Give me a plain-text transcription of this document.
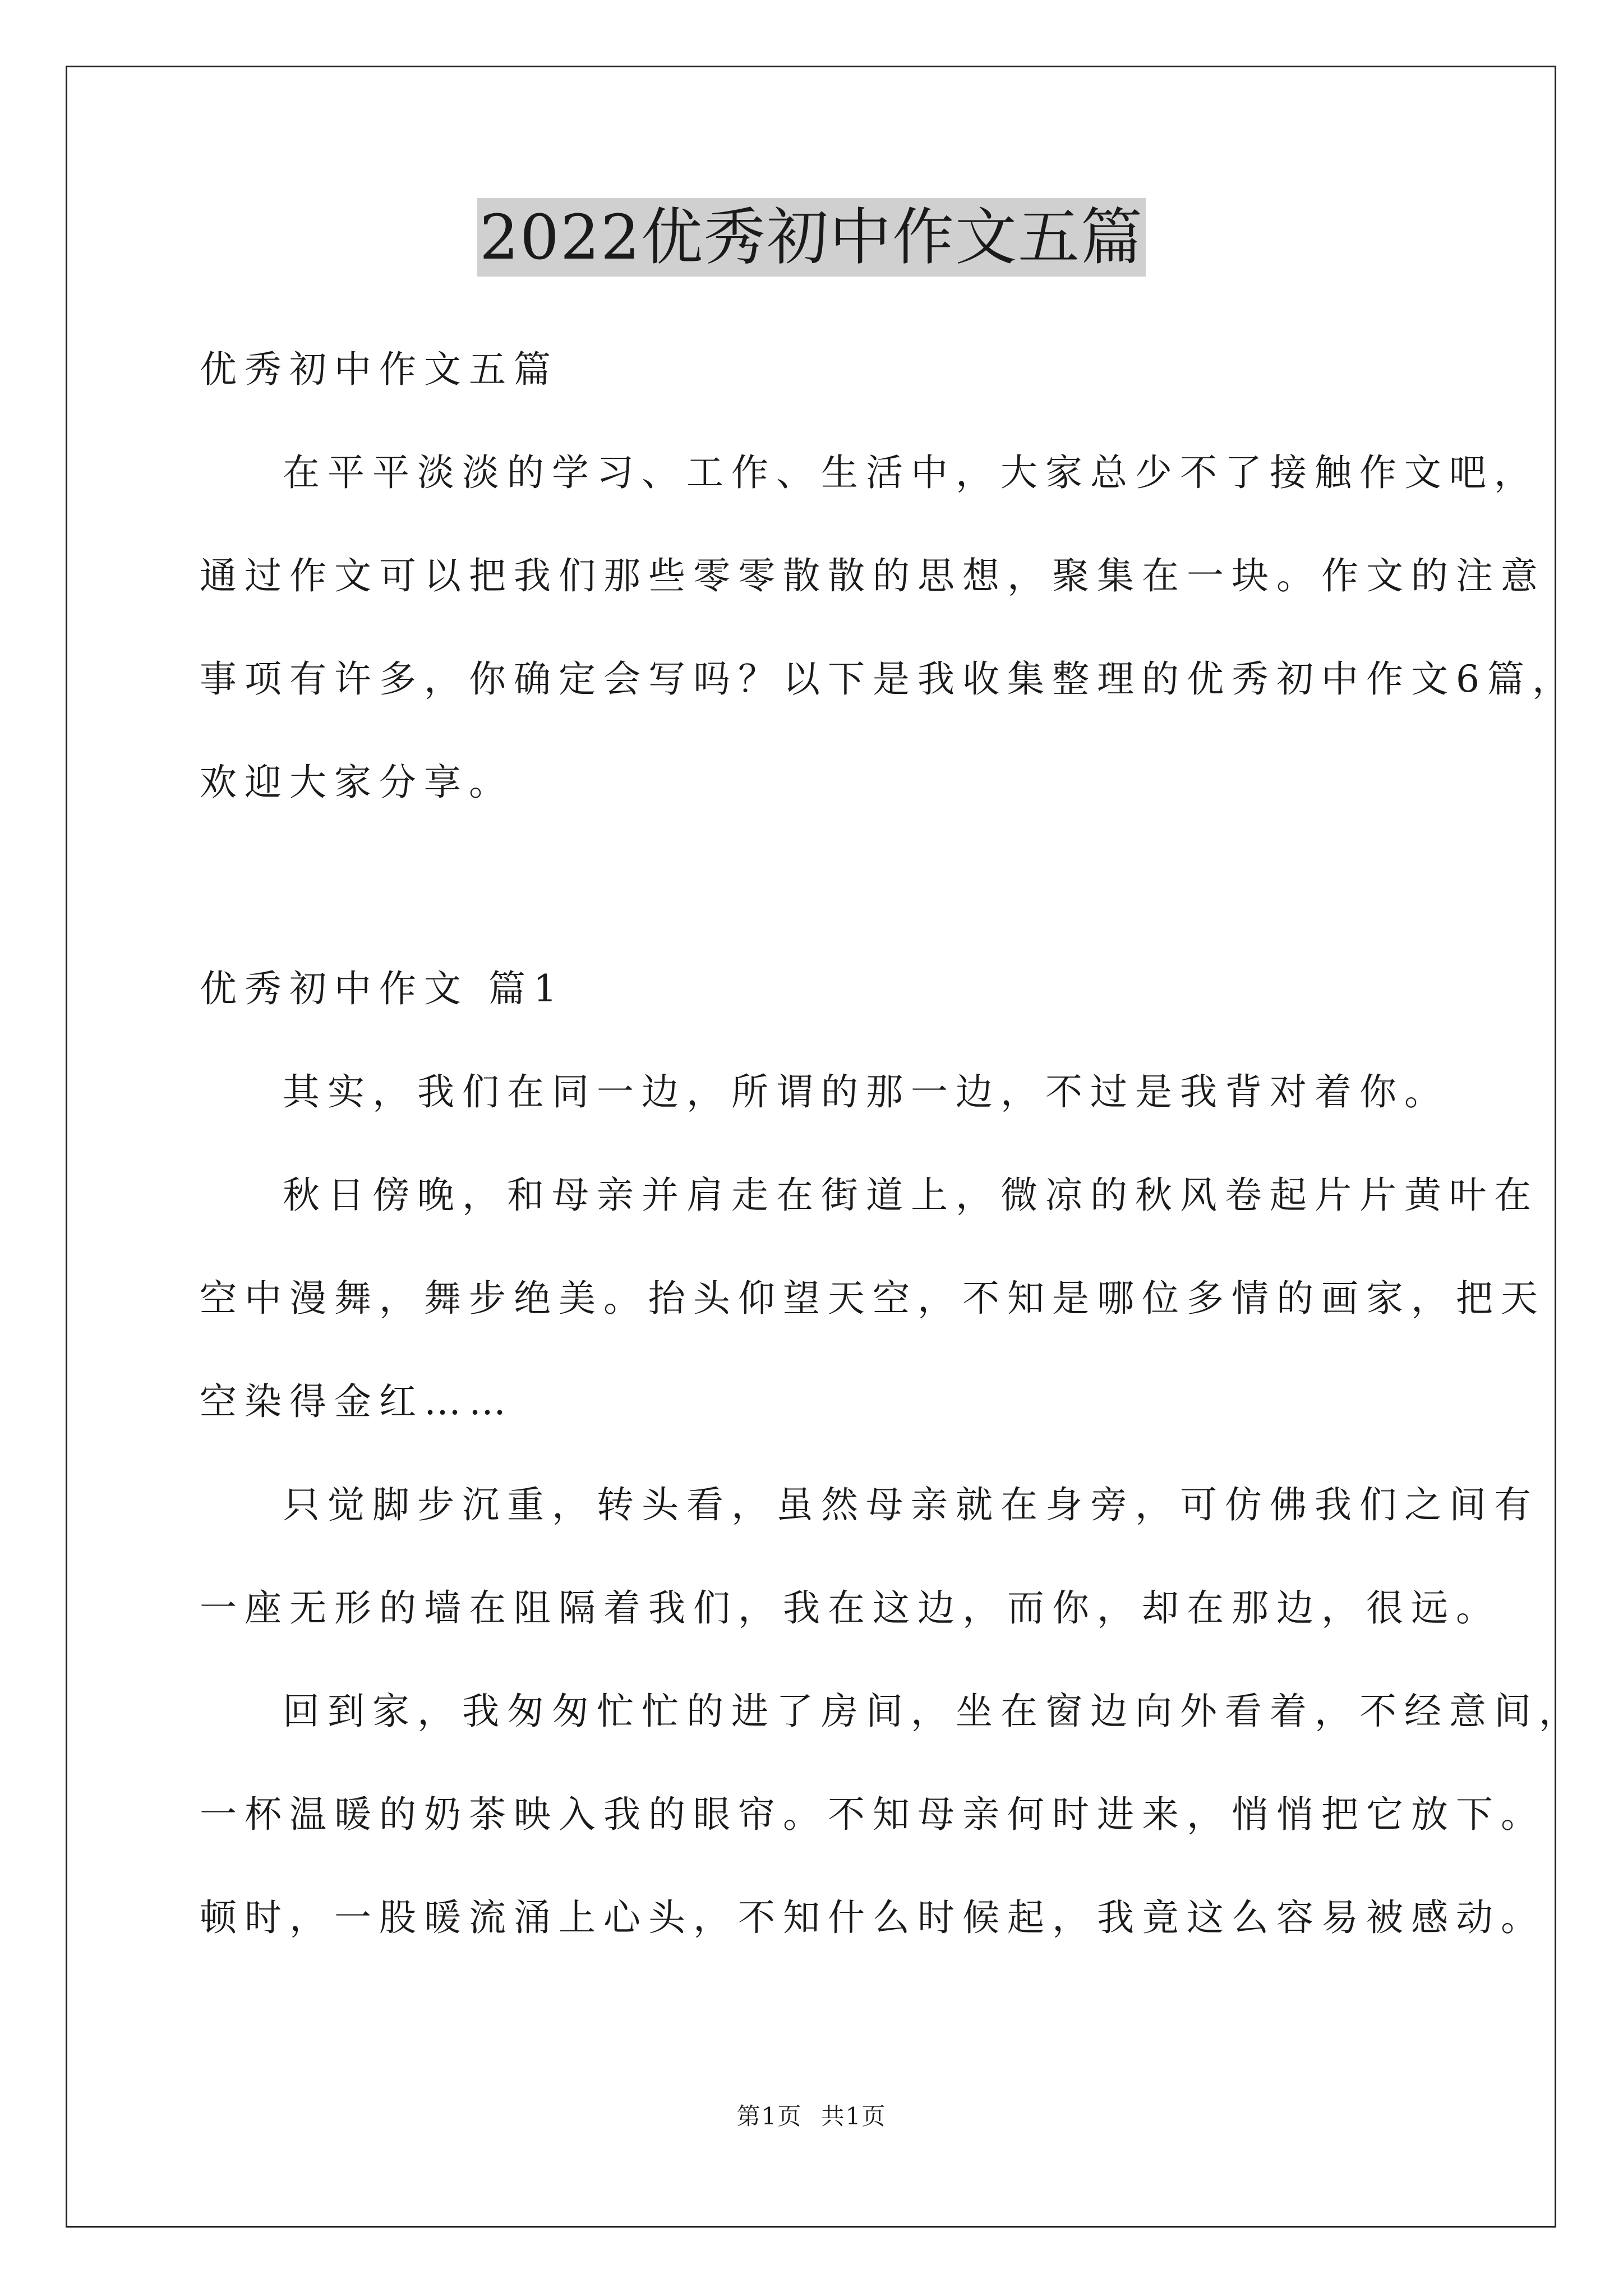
2022优秀初中作文五篇
优秀初中作文五篇
在平平淡淡的学习、工作、生活中，大家总少不了接触作文吧，
通过作文可以把我们那些零零散散的思想，聚集在一块。作文的注意
事项有许多，你确定会写吗？以下是我收集整理的优秀初中作文6篇，
欢迎大家分享。
优秀初中作文 篇1
其实，我们在同一边，所谓的那一边，不过是我背对着你。
秋日傍晚，和母亲并肩走在街道上，微凉的秋风卷起片片黄叶在
空中漫舞，舞步绝美。抬头仰望天空，不知是哪位多情的画家，把天
空染得金红……
只觉脚步沉重，转头看，虽然母亲就在身旁，可仿佛我们之间有
一座无形的墙在阻隔着我们，我在这边，而你，却在那边，很远。
回到家，我匆匆忙忙的进了房间，坐在窗边向外看着，不经意间，
一杯温暖的奶茶映入我的眼帘。不知母亲何时进来，悄悄把它放下。
顿时，一股暖流涌上心头，不知什么时候起，我竟这么容易被感动。
第1页 共1页
